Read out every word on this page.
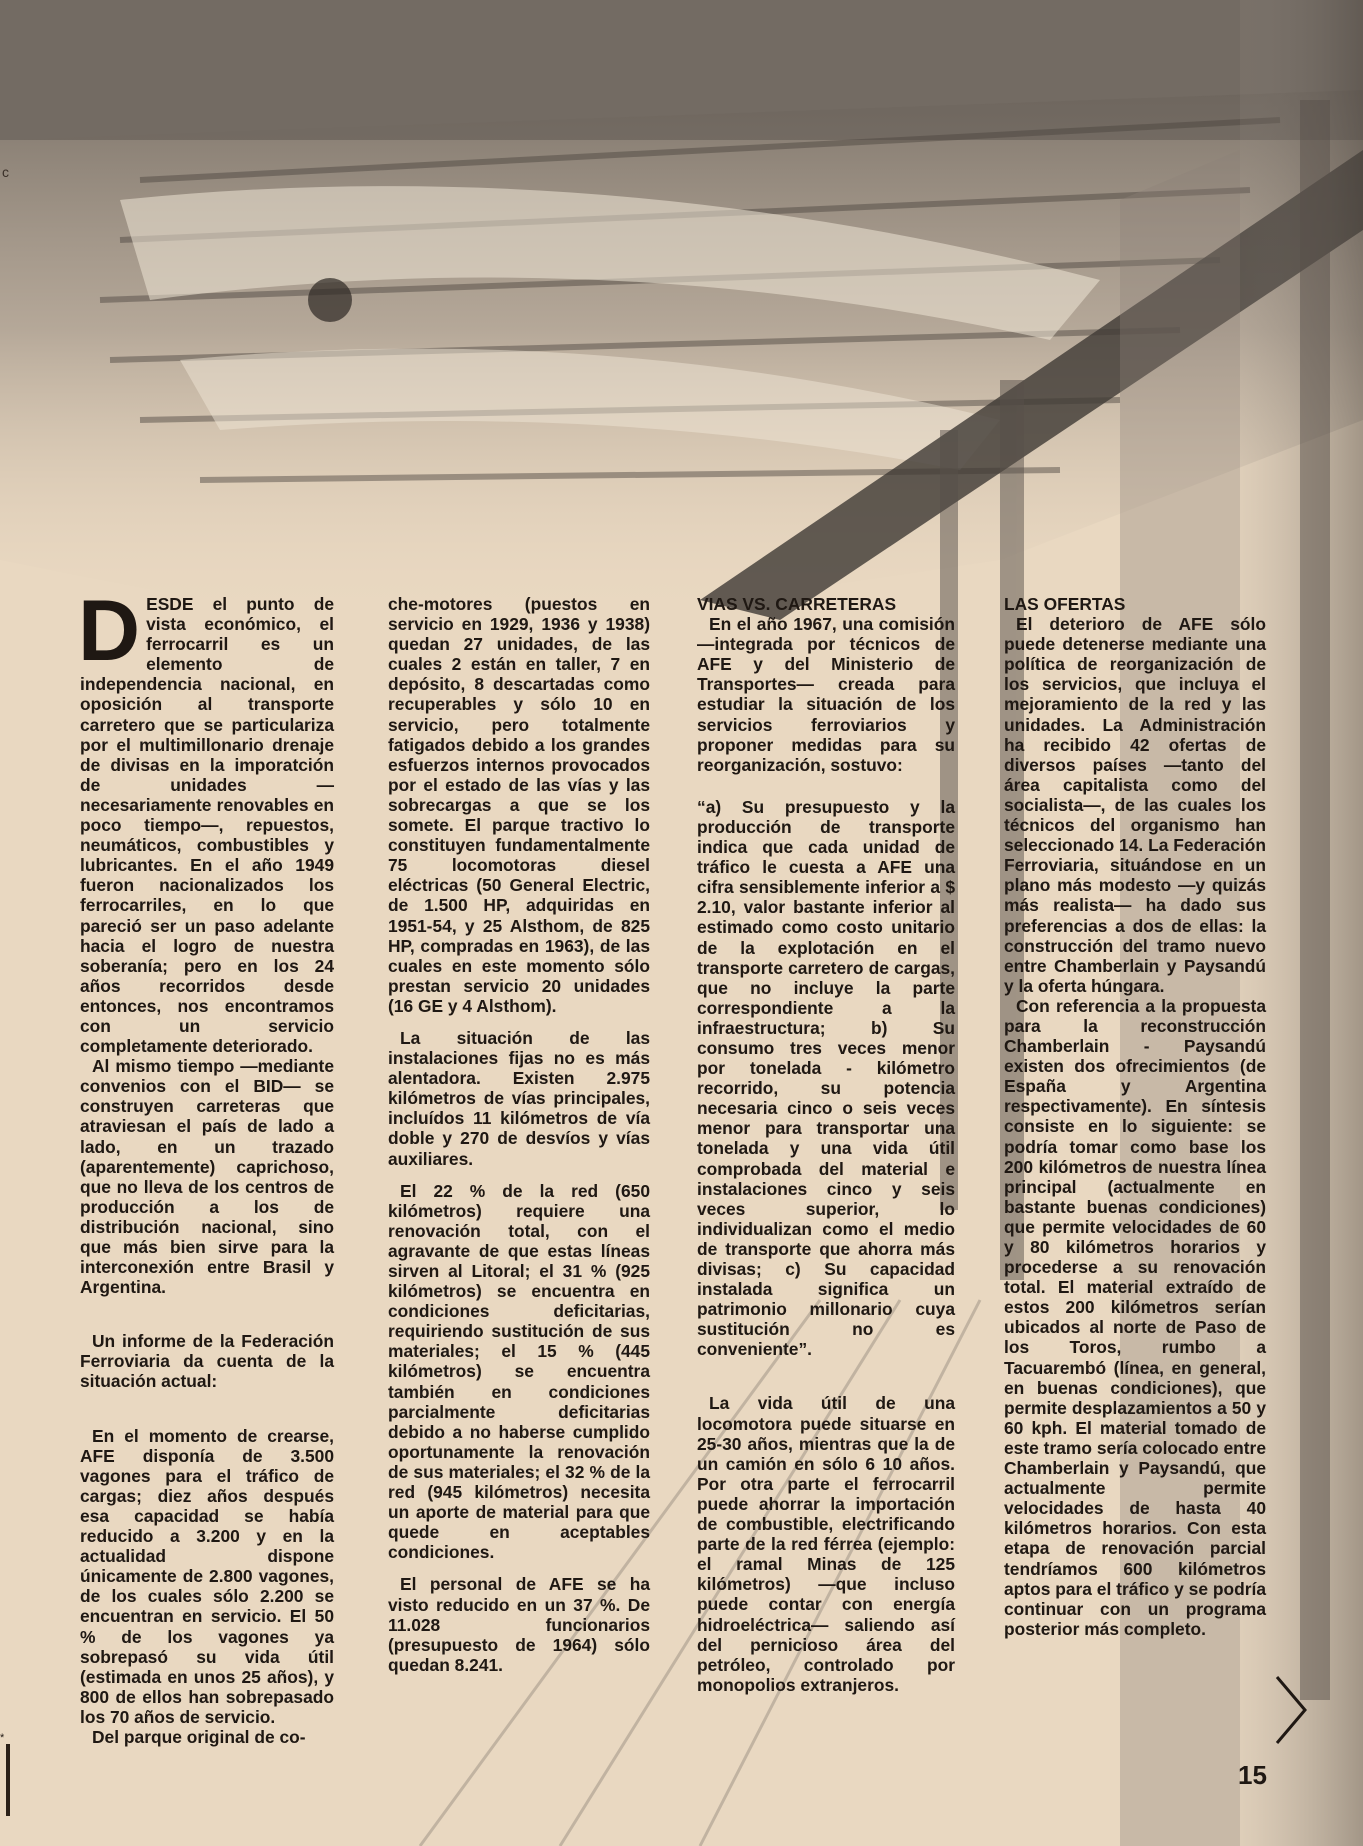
c

DESDE el punto de vista económico, el ferrocarril es un elemento de independencia nacional, en oposición al transporte carretero que se particulariza por el multimillonario drenaje de divisas en la imporatción de unidades —necesariamente renovables en poco tiempo—, repuestos, neumáticos, combustibles y lubricantes. En el año 1949 fueron nacionalizados los ferrocarriles, en lo que pareció ser un paso adelante hacia el logro de nuestra soberanía; pero en los 24 años recorridos desde entonces, nos encontramos con un servicio completamente deteriorado.

Al mismo tiempo —mediante convenios con el BID— se construyen carreteras que atraviesan el país de lado a lado, en un trazado (aparentemente) caprichoso, que no lleva de los centros de producción a los de distribución nacional, sino que más bien sirve para la interconexión entre Brasil y Argentina.

Un informe de la Federación Ferroviaria da cuenta de la situación actual:

En el momento de crearse, AFE disponía de 3.500 vagones para el tráfico de cargas; diez años después esa capacidad se había reducido a 3.200 y en la actualidad dispone únicamente de 2.800 vagones, de los cuales sólo 2.200 se encuentran en servicio. El 50 % de los vagones ya sobrepasó su vida útil (estimada en unos 25 años), y 800 de ellos han sobrepasado los 70 años de servicio.

Del parque original de co-

che-motores (puestos en servicio en 1929, 1936 y 1938) quedan 27 unidades, de las cuales 2 están en taller, 7 en depósito, 8 descartadas como recuperables y sólo 10 en servicio, pero totalmente fatigados debido a los grandes esfuerzos internos provocados por el estado de las vías y las sobrecargas a que se los somete. El parque tractivo lo constituyen fundamentalmente 75 locomotoras diesel eléctricas (50 General Electric, de 1.500 HP, adquiridas en 1951-54, y 25 Alsthom, de 825 HP, compradas en 1963), de las cuales en este momento sólo prestan servicio 20 unidades (16 GE y 4 Alsthom).

La situación de las instalaciones fijas no es más alentadora. Existen 2.975 kilómetros de vías principales, incluídos 11 kilómetros de vía doble y 270 de desvíos y vías auxiliares.

El 22 % de la red (650 kilómetros) requiere una renovación total, con el agravante de que estas líneas sirven al Litoral; el 31 % (925 kilómetros) se encuentra en condiciones deficitarias, requiriendo sustitución de sus materiales; el 15 % (445 kilómetros) se encuentra también en condiciones parcialmente deficitarias debido a no haberse cumplido oportunamente la renovación de sus materiales; el 32 % de la red (945 kilómetros) necesita un aporte de material para que quede en aceptables condiciones.

El personal de AFE se ha visto reducido en un 37 %. De 11.028 funcionarios (presupuesto de 1964) sólo quedan 8.241.

VIAS VS. CARRETERAS

En el año 1967, una comisión —integrada por técnicos de AFE y del Ministerio de Transportes— creada para estudiar la situación de los servicios ferroviarios y proponer medidas para su reorganización, sostuvo:

“a) Su presupuesto y la producción de transporte indica que cada unidad de tráfico le cuesta a AFE una cifra sensiblemente inferior a $ 2.10, valor bastante inferior al estimado como costo unitario de la explotación en el transporte carretero de cargas, que no incluye la parte correspondiente a la infraestructura; b) Su consumo tres veces menor por tonelada - kilómetro recorrido, su potencia necesaria cinco o seis veces menor para transportar una tonelada y una vida útil comprobada del material e instalaciones cinco y seis veces superior, lo individualizan como el medio de transporte que ahorra más divisas; c) Su capacidad instalada significa un patrimonio millonario cuya sustitución no es conveniente”.

La vida útil de una locomotora puede situarse en 25-30 años, mientras que la de un camión en sólo 6 10 años. Por otra parte el ferrocarril puede ahorrar la importación de combustible, electrificando parte de la red férrea (ejemplo: el ramal Minas de 125 kilómetros) —que incluso puede contar con energía hidroeléctrica— saliendo así del pernicioso área del petróleo, controlado por monopolios extranjeros.

LAS OFERTAS

El deterioro de AFE sólo puede detenerse mediante una política de reorganización de los servicios, que incluya el mejoramiento de la red y las unidades. La Administración ha recibido 42 ofertas de diversos países —tanto del área capitalista como del socialista—, de las cuales los técnicos del organismo han seleccionado 14. La Federación Ferroviaria, situándose en un plano más modesto —y quizás más realista— ha dado sus preferencias a dos de ellas: la construcción del tramo nuevo entre Chamberlain y Paysandú y la oferta húngara.

Con referencia a la propuesta para la reconstrucción Chamberlain - Paysandú existen dos ofrecimientos (de España y Argentina respectivamente). En síntesis consiste en lo siguiente: se podría tomar como base los 200 kilómetros de nuestra línea principal (actualmente en bastante buenas condiciones) que permite velocidades de 60 y 80 kilómetros horarios y procederse a su renovación total. El material extraído de estos 200 kilómetros serían ubicados al norte de Paso de los Toros, rumbo a Tacuarembó (línea, en general, en buenas condiciones), que permite desplazamientos a 50 y 60 kph. El material tomado de este tramo sería colocado entre Chamberlain y Paysandú, que actualmente permite velocidades de hasta 40 kilómetros horarios. Con esta etapa de renovación parcial tendríamos 600 kilómetros aptos para el tráfico y se podría continuar con un programa posterior más completo.

15
*
